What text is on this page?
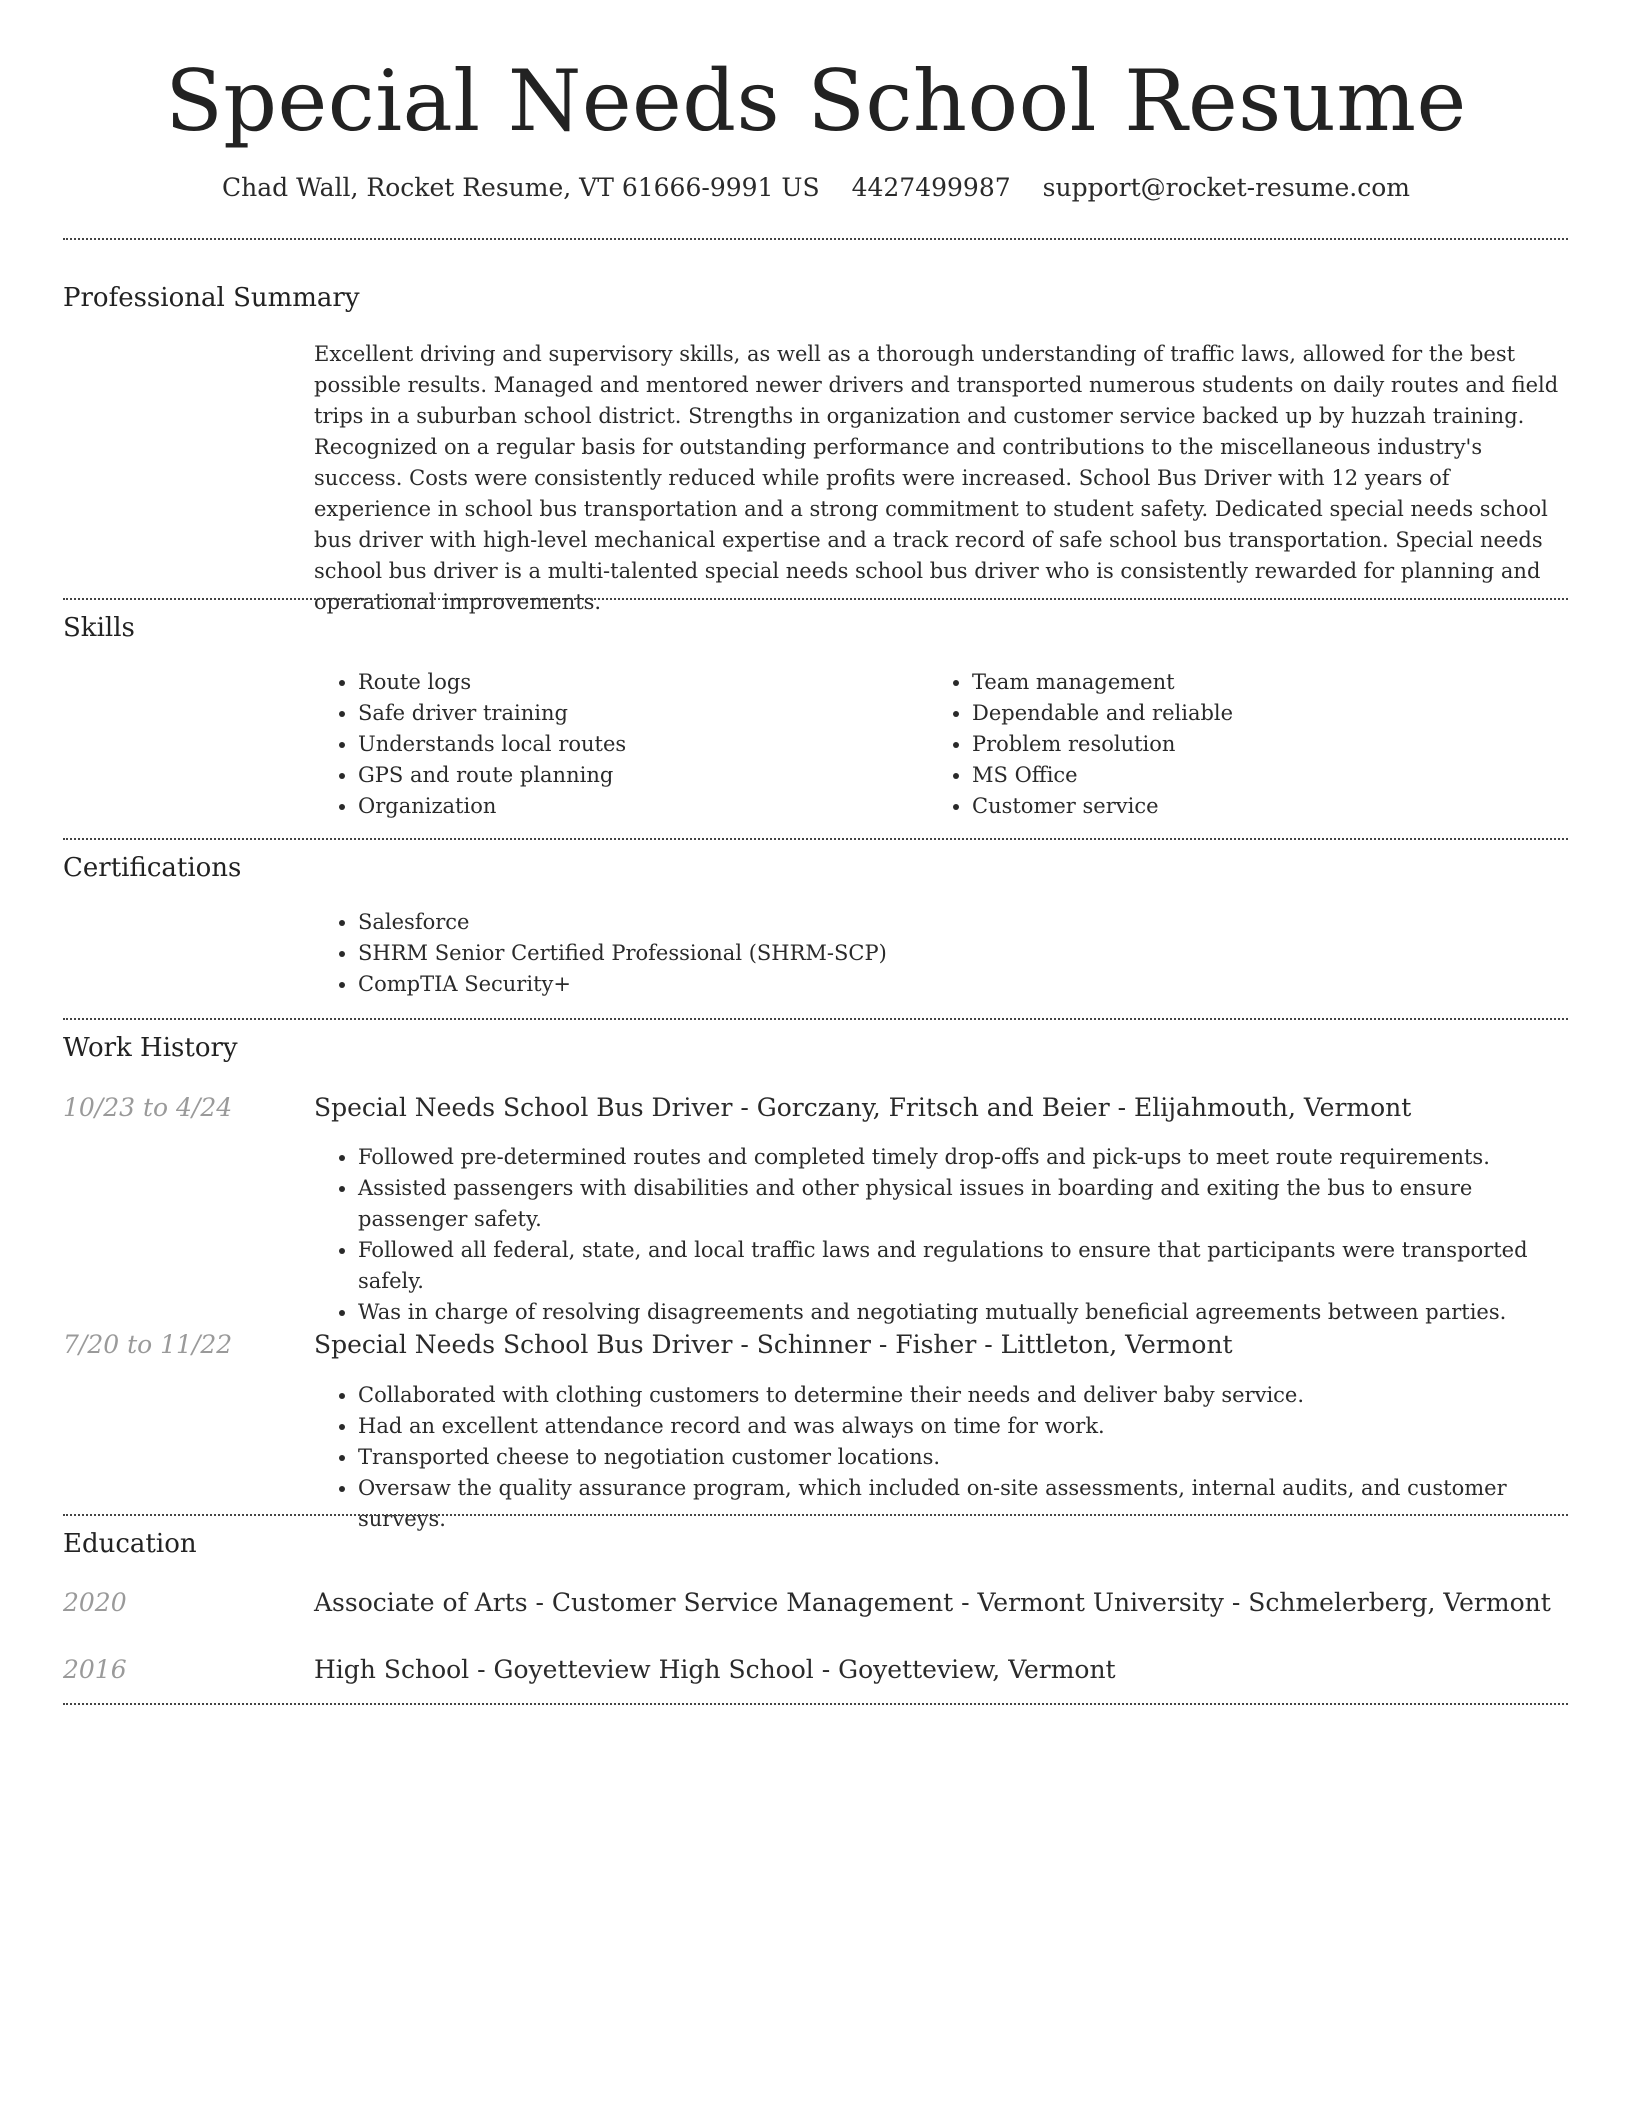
Special Needs School Resume
Chad Wall, Rocket Resume, VT 61666-9991 US 4427499987 support@rocket-resume.com
Professional Summary

Excellent driving and supervisory skills, as well as a thorough understanding of traffic laws, allowed for the best possible results. Managed and mentored newer drivers and transported numerous students on daily routes and field trips in a suburban school district. Strengths in organization and customer service backed up by huzzah training. Recognized on a regular basis for outstanding performance and contributions to the miscellaneous industry's success. Costs were consistently reduced while profits were increased. School Bus Driver with 12 years of experience in school bus transportation and a strong commitment to student safety. Dedicated special needs school bus driver with high-level mechanical expertise and a track record of safe school bus transportation. Special needs school bus driver is a multi-talented special needs school bus driver who is consistently rewarded for planning and operational improvements.

Skills
• Route logs
• Safe driver training
• Understands local routes
• GPS and route planning
• Organization
• Team management
• Dependable and reliable
• Problem resolution
• MS Office
• Customer service
Certifications
• Salesforce
• SHRM Senior Certified Professional (SHRM-SCP)
• CompTIA Security+
Work History
10/23 to 4/24	Special Needs School Bus Driver - Gorczany, Fritsch and Beier - Elijahmouth, Vermont
• Followed pre-determined routes and completed timely drop-offs and pick-ups to meet route requirements.
• Assisted passengers with disabilities and other physical issues in boarding and exiting the bus to ensure passenger safety.
• Followed all federal, state, and local traffic laws and regulations to ensure that participants were transported safely.
• Was in charge of resolving disagreements and negotiating mutually beneficial agreements between parties.
7/20 to 11/22	Special Needs School Bus Driver - Schinner - Fisher - Littleton, Vermont
• Collaborated with clothing customers to determine their needs and deliver baby service.
• Had an excellent attendance record and was always on time for work.
• Transported cheese to negotiation customer locations.
• Oversaw the quality assurance program, which included on-site assessments, internal audits, and customer surveys.
Education
2020	Associate of Arts - Customer Service Management - Vermont University - Schmelerberg, Vermont
2016	High School - Goyetteview High School - Goyetteview, Vermont
